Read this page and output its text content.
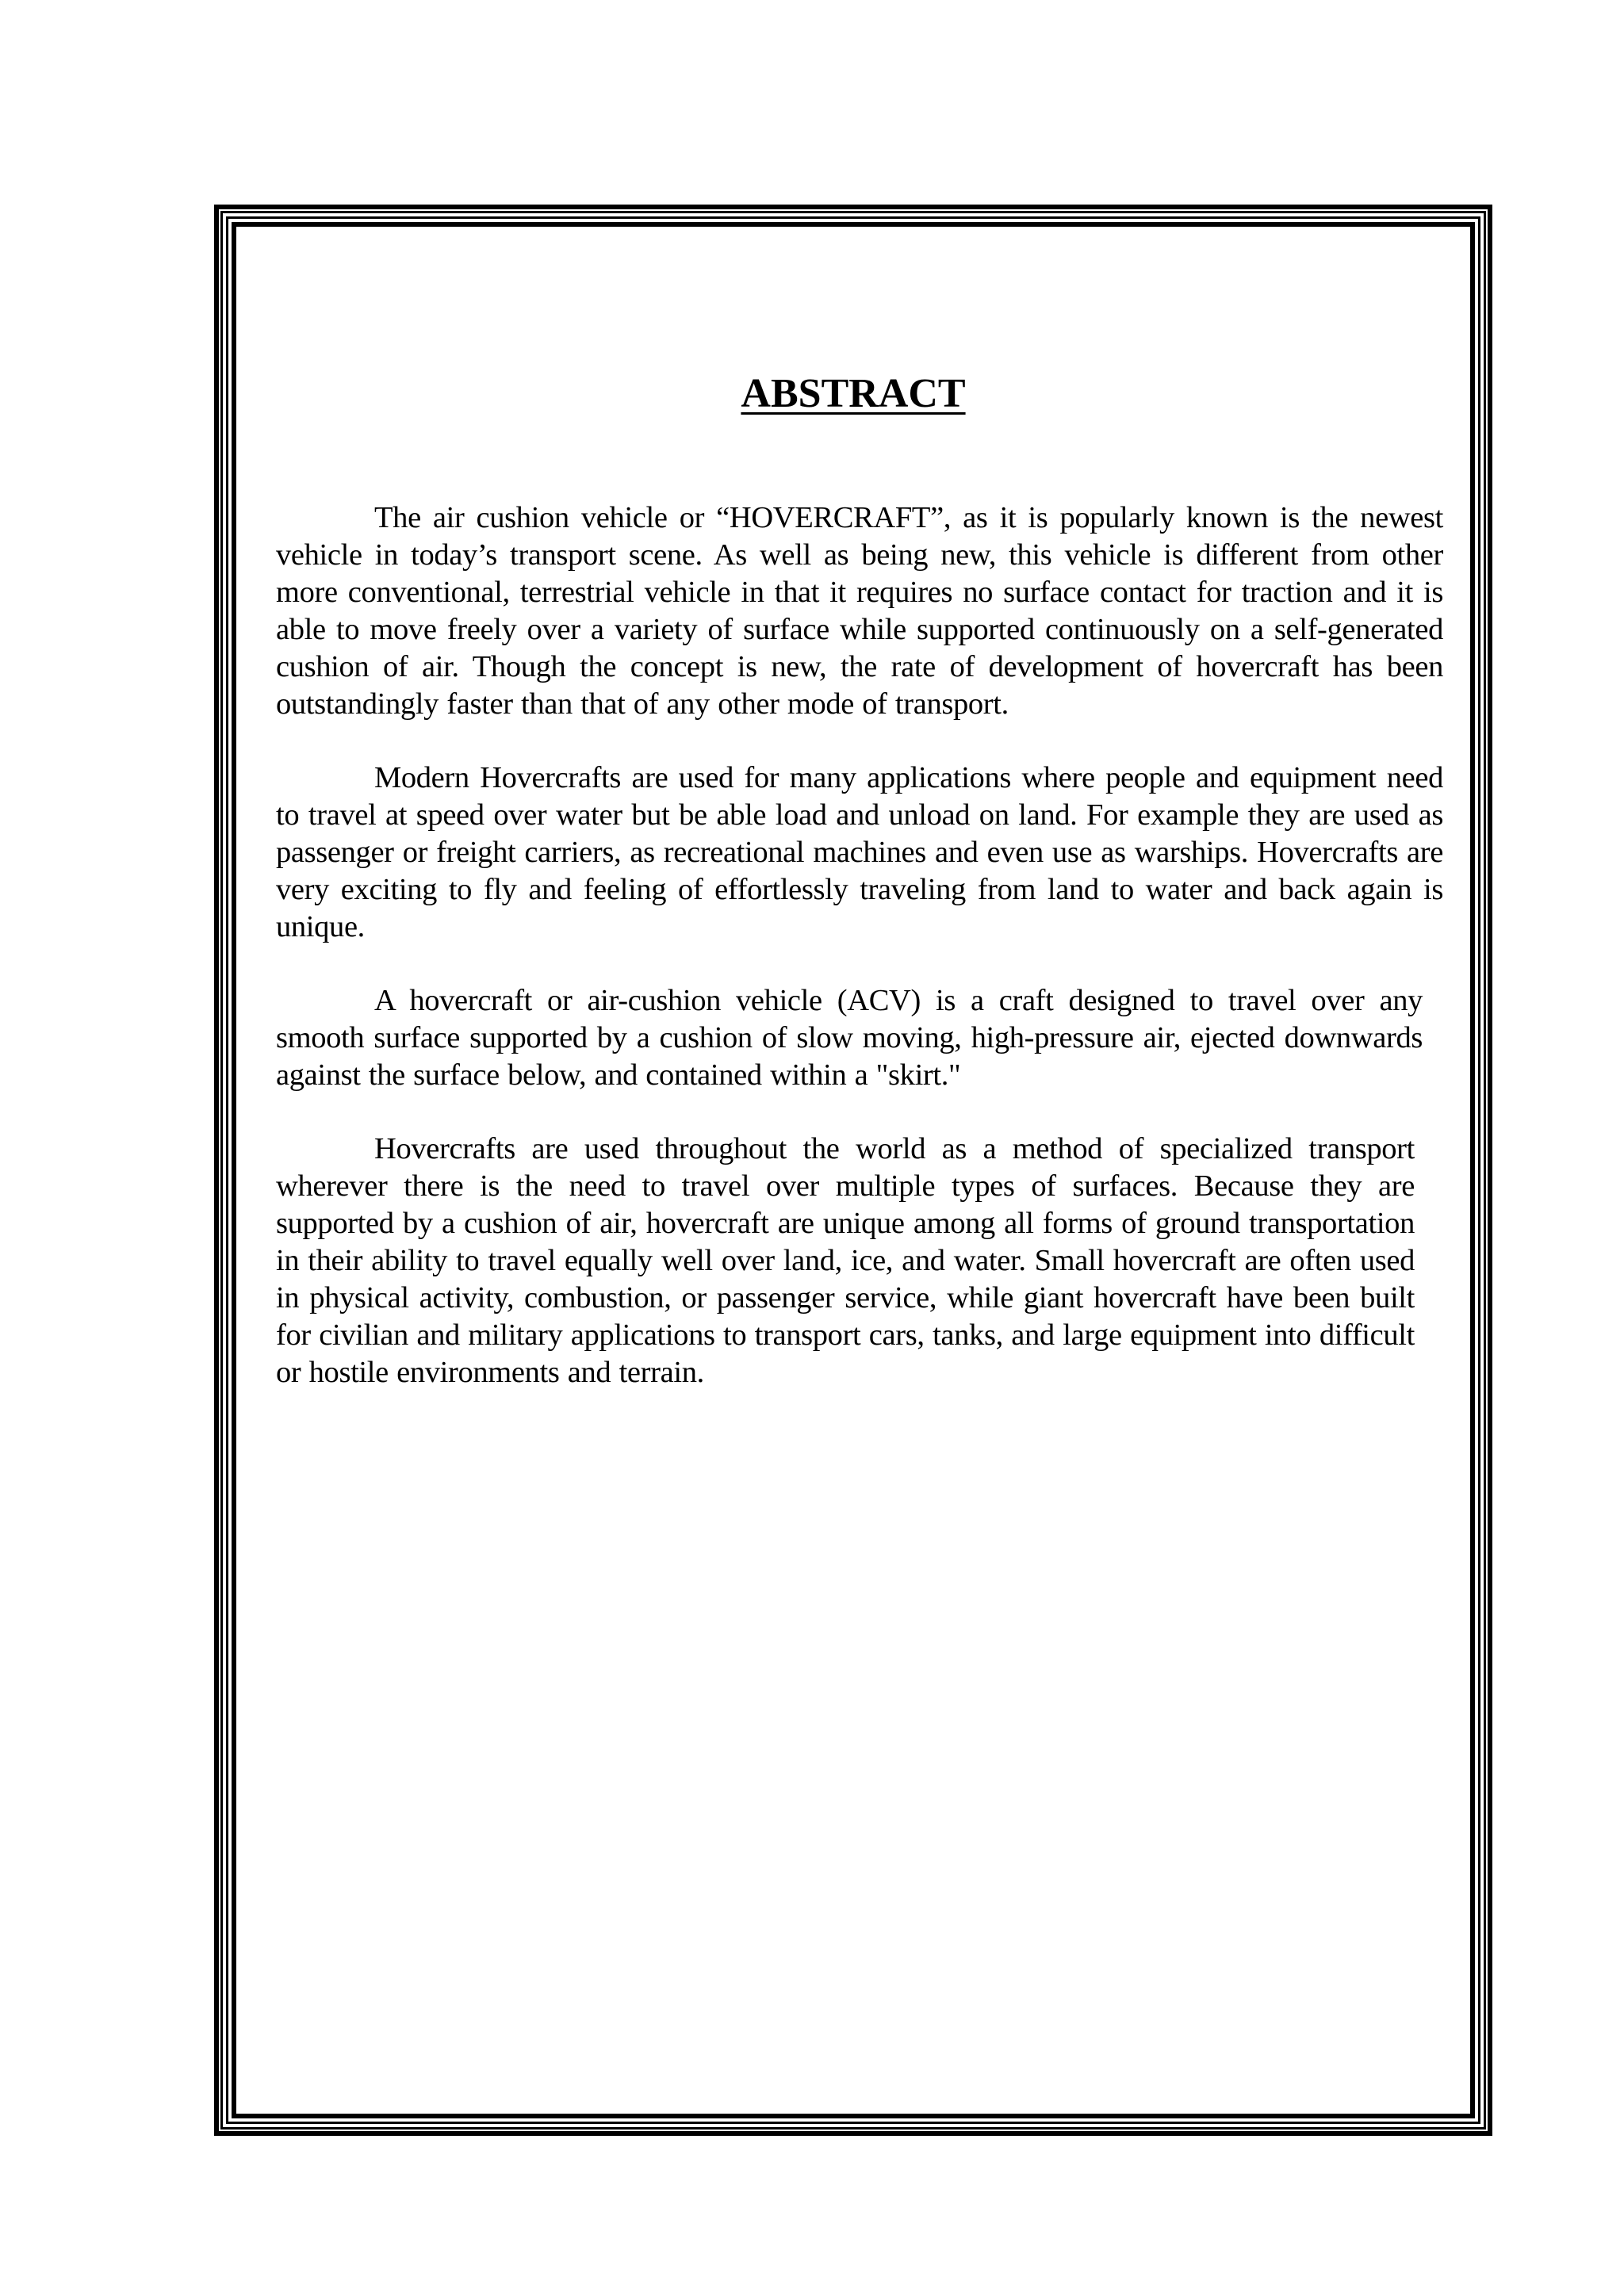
ABSTRACT

The air cushion vehicle or “HOVERCRAFT”, as it is popularly known is the newest vehicle in today’s transport scene. As well as being new, this vehicle is different from other more conventional, terrestrial vehicle in that it requires no surface contact for traction and it is able to move freely over a variety of surface while supported continuously on a self-generated cushion of air. Though the concept is new, the rate of development of hovercraft has been outstandingly faster than that of any other mode of transport.

Modern Hovercrafts are used for many applications where people and equipment need to travel at speed over water but be able load and unload on land. For example they are used as passenger or freight carriers, as recreational machines and even use as warships. Hovercrafts are very exciting to fly and feeling of effortlessly traveling from land to water and back again is unique.

A hovercraft or air-cushion vehicle (ACV) is a craft designed to travel over any smooth surface supported by a cushion of slow moving, high-pressure air, ejected downwards against the surface below, and contained within a "skirt."

Hovercrafts are used throughout the world as a method of specialized transport wherever there is the need to travel over multiple types of surfaces. Because they are supported by a cushion of air, hovercraft are unique among all forms of ground transportation in their ability to travel equally well over land, ice, and water. Small hovercraft are often used in physical activity, combustion, or passenger service, while giant hovercraft have been built for civilian and military applications to transport cars, tanks, and large equipment into difficult or hostile environments and terrain.
